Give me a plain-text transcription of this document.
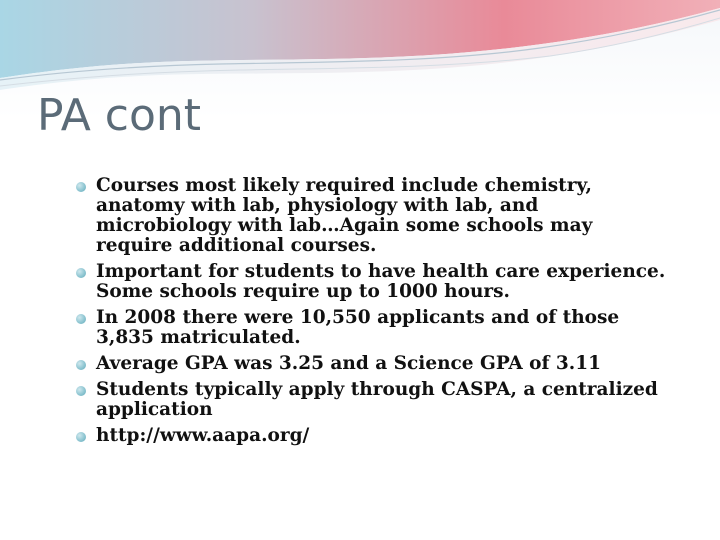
PA cont
Courses most likely required include chemistry, anatomy with lab, physiology with lab, and microbiology with lab…Again some schools may require additional courses.
Important for students to have health care experience. Some schools require up to 1000 hours.
In 2008 there were 10,550 applicants and of those 3,835 matriculated.
Average GPA was 3.25 and a Science GPA of 3.11
Students typically apply through CASPA, a centralized application
http://www.aapa.org/
